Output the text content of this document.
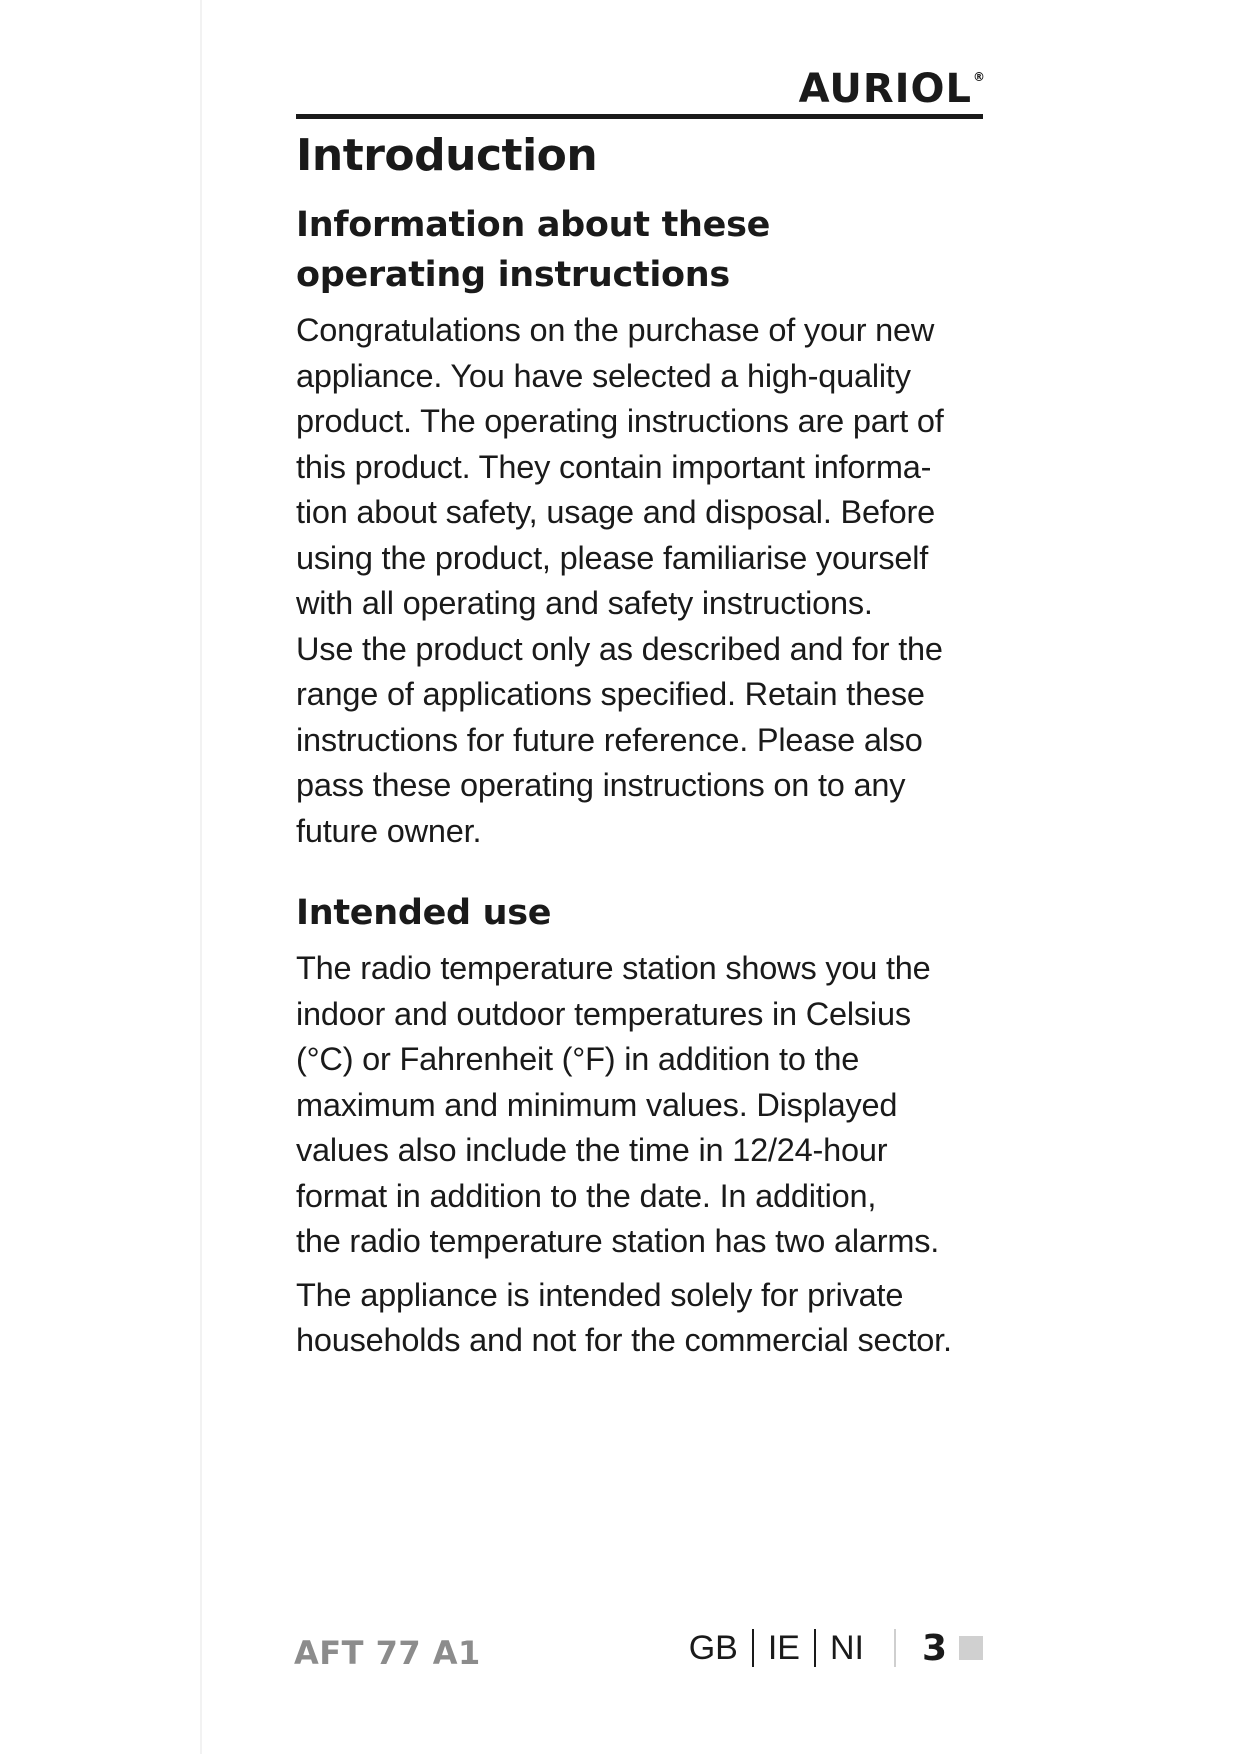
AURIOL®
Introduction
Information about these
operating instructions

Congratulations on the purchase of your new
appliance. You have selected a high-quality
product. The operating instructions are part of
this product. They contain important informa-
tion about safety, usage and disposal. Before
using the product, please familiarise yourself
with all operating and safety instructions.
Use the product only as described and for the
range of applications specified. Retain these
instructions for future reference. Please also
pass these operating instructions on to any
future owner.

Intended use

The radio temperature station shows you the
indoor and outdoor temperatures in Celsius
(°C) or Fahrenheit (°F) in addition to the
maximum and minimum values. Displayed
values also include the time in 12/24-hour
format in addition to the date. In addition,
the radio temperature station has two alarms.

The appliance is intended solely for private
households and not for the commercial sector.

AFT 77 A1	GB IE NI 3
